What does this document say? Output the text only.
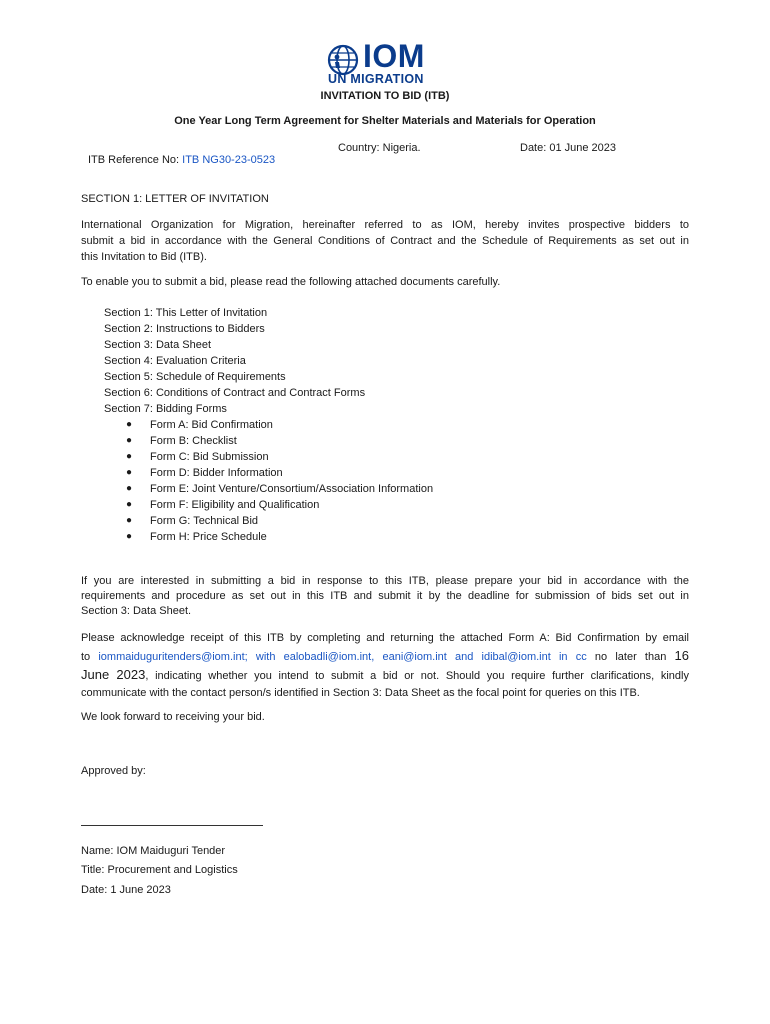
IOM
UN MIGRATION
INVITATION TO BID (ITB)
One Year Long Term Agreement for Shelter Materials and Materials for Operation
Country: Nigeria.	Date: 01 June 2023
ITB Reference No: ITB NG30-23-0523
SECTION 1: LETTER OF INVITATION
International Organization for Migration, hereinafter referred to as IOM, hereby invites prospective bidders to
submit a bid in accordance with the General Conditions of Contract and the Schedule of Requirements as set out in
this Invitation to Bid (ITB).
To enable you to submit a bid, please read the following attached documents carefully.
Section 1: This Letter of Invitation
Section 2: Instructions to Bidders
Section 3: Data Sheet
Section 4: Evaluation Criteria
Section 5: Schedule of Requirements
Section 6: Conditions of Contract and Contract Forms
Section 7: Bidding Forms
●	Form A: Bid Confirmation
●	Form B: Checklist
●	Form C: Bid Submission
●	Form D: Bidder Information
●	Form E: Joint Venture/Consortium/Association Information
●	Form F: Eligibility and Qualification
●	Form G: Technical Bid
●	Form H: Price Schedule
If you are interested in submitting a bid in response to this ITB, please prepare your bid in accordance with the
requirements and procedure as set out in this ITB and submit it by the deadline for submission of bids set out in
Section 3: Data Sheet.
Please acknowledge receipt of this ITB by completing and returning the attached Form A: Bid Confirmation by email
to iommaiduguritenders@iom.int; with ealobadli@iom.int, eani@iom.int and idibal@iom.int in cc no later than 16
June 2023, indicating whether you intend to submit a bid or not. Should you require further clarifications, kindly
communicate with the contact person/s identified in Section 3: Data Sheet as the focal point for queries on this ITB.
We look forward to receiving your bid.
Approved by:
Name: IOM Maiduguri Tender
Title: Procurement and Logistics
Date: 1 June 2023
